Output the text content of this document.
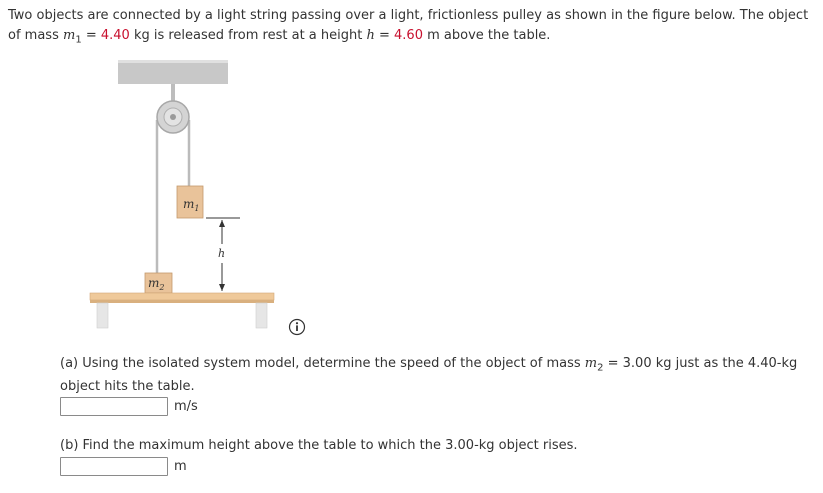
Two objects are connected by a light string passing over a light, frictionless pulley as shown in the figure below. The object
of mass $m_1 = 4.40$ kg is released from rest at a height h = 4.60 m above the table.
$m_1$
h
$m_2$
(a) Using the isolated system model, determine the speed of the object of mass $m_2 = 3.00$ kg just as the 4.40-kg
object hits the table.
m/s
(b) Find the maximum height above the table to which the 3.00-kg object rises.
m
